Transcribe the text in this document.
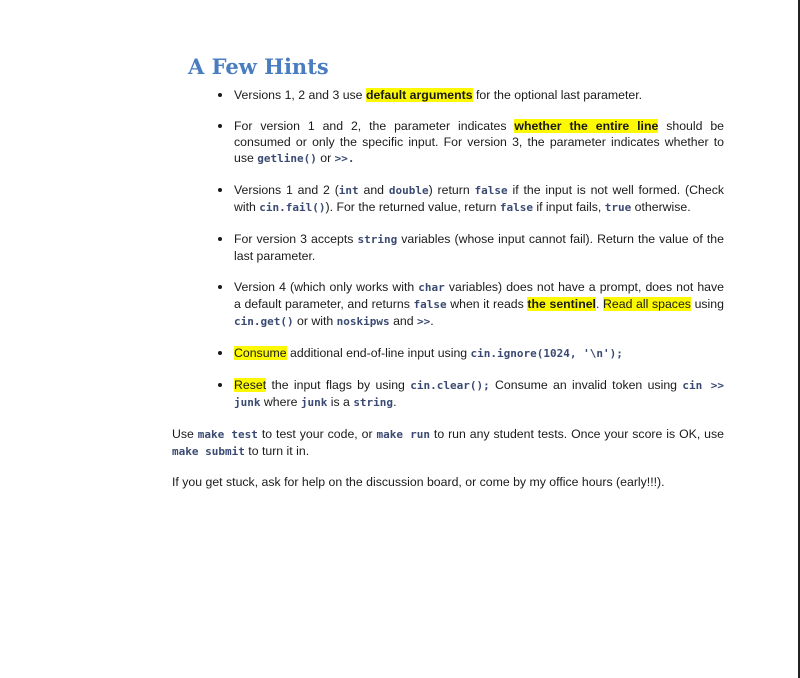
A Few Hints
Versions 1, 2 and 3 use default arguments for the optional last parameter.
For version 1 and 2, the parameter indicates whether the entire line should be consumed or only the specific input. For version 3, the parameter indicates whether to use getline() or >>.
Versions 1 and 2 (int and double) return false if the input is not well formed. (Check with cin.fail()). For the returned value, return false if input fails, true otherwise.
For version 3 accepts string variables (whose input cannot fail). Return the value of the last parameter.
Version 4 (which only works with char variables) does not have a prompt, does not have a default parameter, and returns false when it reads the sentinel. Read all spaces using cin.get() or with noskipws and >>.
Consume additional end-of-line input using cin.ignore(1024, '\n');
Reset the input flags by using cin.clear(); Consume an invalid token using cin >> junk where junk is a string.

Use make test to test your code, or make run to run any student tests. Once your score is OK, use make submit to turn it in.

If you get stuck, ask for help on the discussion board, or come by my office hours (early!!!).
